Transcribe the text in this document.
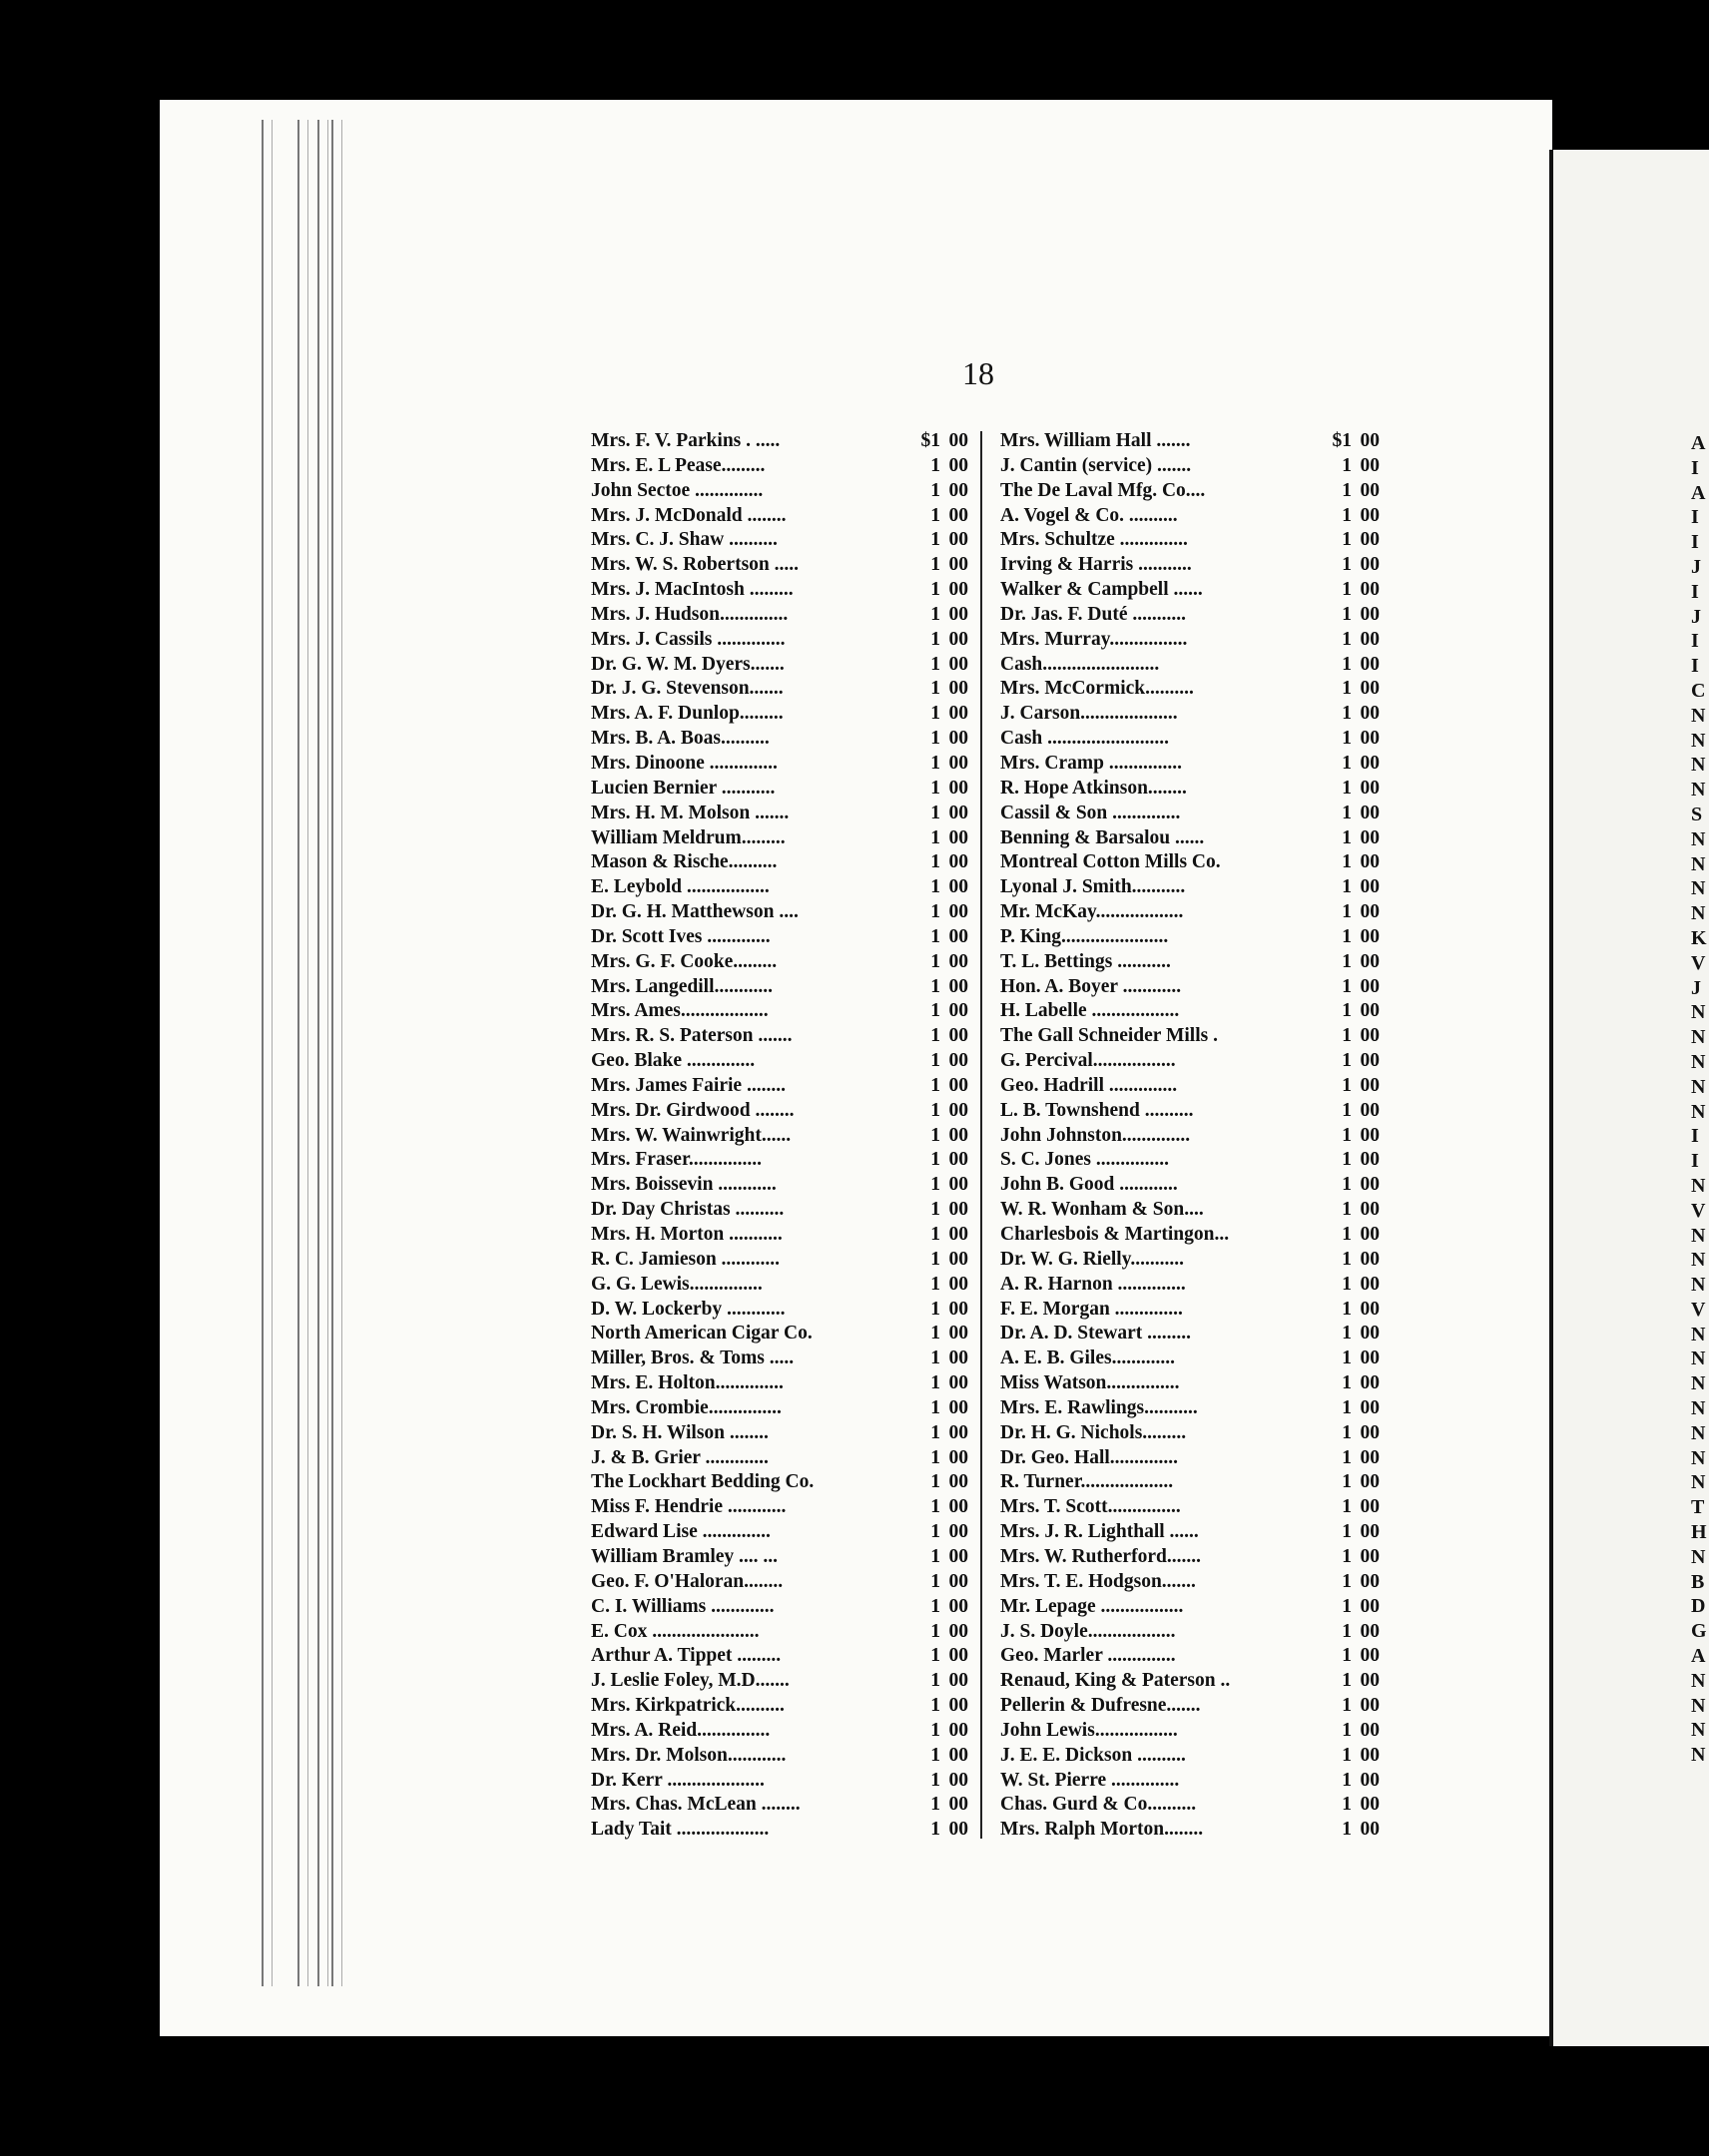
A
I
A
I
I
J
I
J
I
I
C
N
N
N
N
S
N
N
N
N
K
V
J
N
N
N
N
N
I
I
N
V
N
N
N
V
N
N
N
N
N
N
N
T
H
N
B
D
G
A
N
N
N
N
18
Mrs. F. V. Parkins . .....	$1 00
Mrs. E. L Pease.........	1 00
John Sectoe ..............	1 00
Mrs. J. McDonald ........	1 00
Mrs. C. J. Shaw ..........	1 00
Mrs. W. S. Robertson .....	1 00
Mrs. J. MacIntosh .........	1 00
Mrs. J. Hudson..............	1 00
Mrs. J. Cassils ..............	1 00
Dr. G. W. M. Dyers.......	1 00
Dr. J. G. Stevenson.......	1 00
Mrs. A. F. Dunlop.........	1 00
Mrs. B. A. Boas..........	1 00
Mrs. Dinoone ..............	1 00
Lucien Bernier ...........	1 00
Mrs. H. M. Molson .......	1 00
William Meldrum.........	1 00
Mason & Rische..........	1 00
E. Leybold .................	1 00
Dr. G. H. Matthewson ....	1 00
Dr. Scott Ives .............	1 00
Mrs. G. F. Cooke.........	1 00
Mrs. Langedill............	1 00
Mrs. Ames..................	1 00
Mrs. R. S. Paterson .......	1 00
Geo. Blake ..............	1 00
Mrs. James Fairie ........	1 00
Mrs. Dr. Girdwood ........	1 00
Mrs. W. Wainwright......	1 00
Mrs. Fraser...............	1 00
Mrs. Boissevin ............	1 00
Dr. Day Christas ..........	1 00
Mrs. H. Morton ...........	1 00
R. C. Jamieson ............	1 00
G. G. Lewis...............	1 00
D. W. Lockerby ............	1 00
North American Cigar Co.	1 00
Miller, Bros. & Toms .....	1 00
Mrs. E. Holton..............	1 00
Mrs. Crombie...............	1 00
Dr. S. H. Wilson ........	1 00
J. & B. Grier .............	1 00
The Lockhart Bedding Co.	1 00
Miss F. Hendrie ............	1 00
Edward Lise ..............	1 00
William Bramley .... ...	1 00
Geo. F. O'Haloran........	1 00
C. I. Williams .............	1 00
E. Cox ......................	1 00
Arthur A. Tippet .........	1 00
J. Leslie Foley, M.D.......	1 00
Mrs. Kirkpatrick..........	1 00
Mrs. A. Reid...............	1 00
Mrs. Dr. Molson............	1 00
Dr. Kerr ....................	1 00
Mrs. Chas. McLean ........	1 00
Lady Tait ...................	1 00
Mrs. William Hall .......	$1 00
J. Cantin (service) .......	1 00
The De Laval Mfg. Co....	1 00
A. Vogel & Co. ..........	1 00
Mrs. Schultze ..............	1 00
Irving & Harris ...........	1 00
Walker & Campbell ......	1 00
Dr. Jas. F. Duté ...........	1 00
Mrs. Murray................	1 00
Cash........................	1 00
Mrs. McCormick..........	1 00
J. Carson....................	1 00
Cash .........................	1 00
Mrs. Cramp ...............	1 00
R. Hope Atkinson........	1 00
Cassil & Son ..............	1 00
Benning & Barsalou ......	1 00
Montreal Cotton Mills Co.	1 00
Lyonal J. Smith...........	1 00
Mr. McKay..................	1 00
P. King......................	1 00
T. L. Bettings ...........	1 00
Hon. A. Boyer ............	1 00
H. Labelle ..................	1 00
The Gall Schneider Mills .	1 00
G. Percival.................	1 00
Geo. Hadrill ..............	1 00
L. B. Townshend ..........	1 00
John Johnston..............	1 00
S. C. Jones ...............	1 00
John B. Good ............	1 00
W. R. Wonham & Son....	1 00
Charlesbois & Martingon...	1 00
Dr. W. G. Rielly...........	1 00
A. R. Harnon ..............	1 00
F. E. Morgan ..............	1 00
Dr. A. D. Stewart .........	1 00
A. E. B. Giles.............	1 00
Miss Watson...............	1 00
Mrs. E. Rawlings...........	1 00
Dr. H. G. Nichols.........	1 00
Dr. Geo. Hall..............	1 00
R. Turner...................	1 00
Mrs. T. Scott...............	1 00
Mrs. J. R. Lighthall ......	1 00
Mrs. W. Rutherford.......	1 00
Mrs. T. E. Hodgson.......	1 00
Mr. Lepage .................	1 00
J. S. Doyle..................	1 00
Geo. Marler ..............	1 00
Renaud, King & Paterson ..	1 00
Pellerin & Dufresne.......	1 00
John Lewis.................	1 00
J. E. E. Dickson ..........	1 00
W. St. Pierre ..............	1 00
Chas. Gurd & Co..........	1 00
Mrs. Ralph Morton........	1 00
